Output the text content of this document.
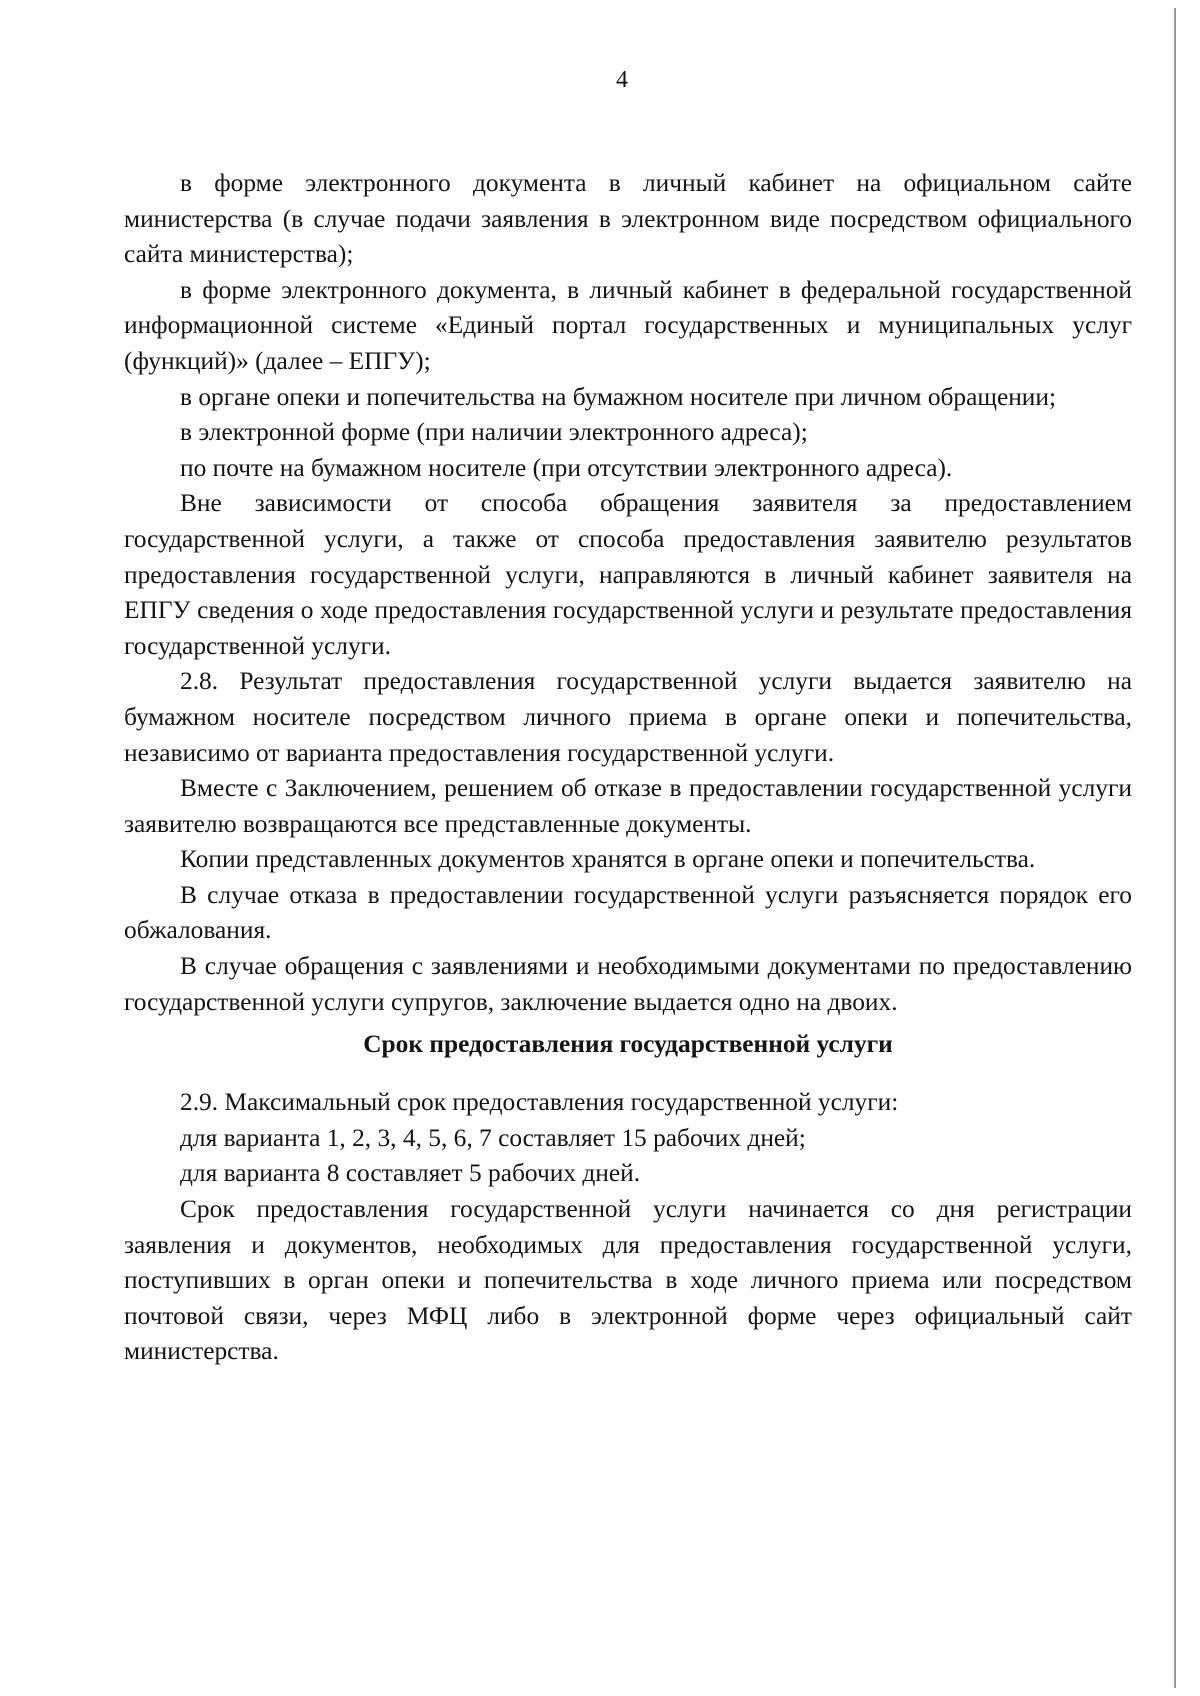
4

в форме электронного документа в личный кабинет на официальном сайте министерства (в случае подачи заявления в электронном виде посредством официального сайта министерства);

в форме электронного документа, в личный кабинет в федеральной государственной информационной системе «Единый портал государственных и муниципальных услуг (функций)» (далее – ЕПГУ);

в органе опеки и попечительства на бумажном носителе при личном обращении;

в электронной форме (при наличии электронного адреса);

по почте на бумажном носителе (при отсутствии электронного адреса).

Вне зависимости от способа обращения заявителя за предоставлением государственной услуги, а также от способа предоставления заявителю результатов предоставления государственной услуги, направляются в личный кабинет заявителя на ЕПГУ сведения о ходе предоставления государственной услуги и результате предоставления государственной услуги.

2.8. Результат предоставления государственной услуги выдается заявителю на бумажном носителе посредством личного приема в органе опеки и попечительства, независимо от варианта предоставления государственной услуги.

Вместе с Заключением, решением об отказе в предоставлении государственной услуги заявителю возвращаются все представленные документы.

Копии представленных документов хранятся в органе опеки и попечительства.

В случае отказа в предоставлении государственной услуги разъясняется порядок его обжалования.

В случае обращения с заявлениями и необходимыми документами по предоставлению государственной услуги супругов, заключение выдается одно на двоих.

Срок предоставления государственной услуги

2.9. Максимальный срок предоставления государственной услуги:

для варианта 1, 2, 3, 4, 5, 6, 7 составляет 15 рабочих дней;

для варианта 8 составляет 5 рабочих дней.

Срок предоставления государственной услуги начинается со дня регистрации заявления и документов, необходимых для предоставления государственной услуги, поступивших в орган опеки и попечительства в ходе личного приема или посредством почтовой связи, через МФЦ либо в электронной форме через официальный сайт министерства.
